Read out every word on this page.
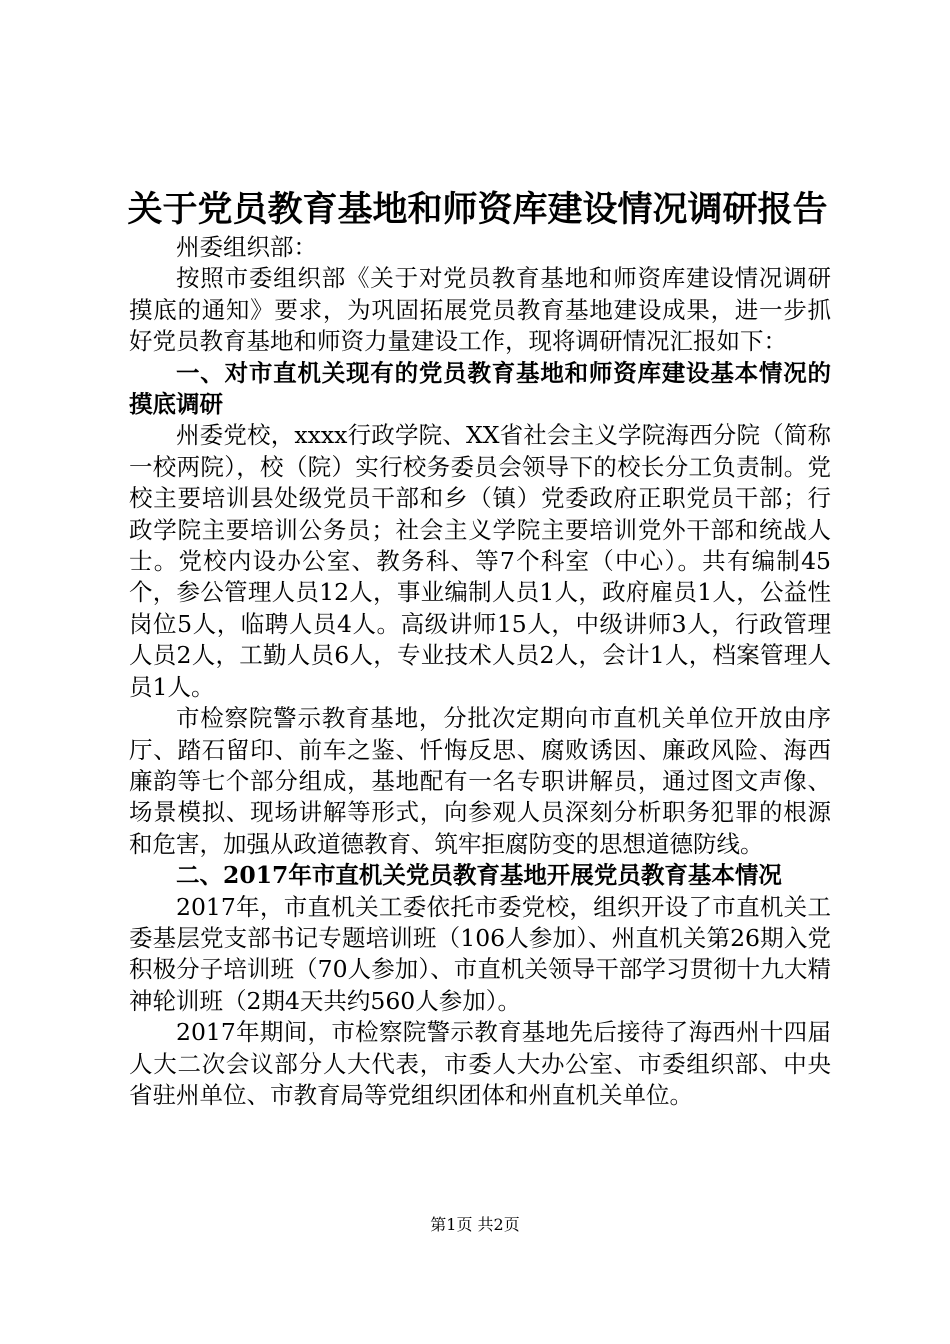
关于党员教育基地和师资库建设情况调研报告

州委组织部：

按照市委组织部《关于对党员教育基地和师资库建设情况调研摸底的通知》要求，为巩固拓展党员教育基地建设成果，进一步抓好党员教育基地和师资力量建设工作，现将调研情况汇报如下：

一、对市直机关现有的党员教育基地和师资库建设基本情况的摸底调研

州委党校，xxxx行政学院、XX省社会主义学院海西分院（简称一校两院），校（院）实行校务委员会领导下的校长分工负责制。党校主要培训县处级党员干部和乡（镇）党委政府正职党员干部；行政学院主要培训公务员；社会主义学院主要培训党外干部和统战人士。党校内设办公室、教务科、等7个科室（中心）。共有编制45个，参公管理人员12人，事业编制人员1人，政府雇员1人，公益性岗位5人，临聘人员4人。高级讲师15人，中级讲师3人，行政管理人员2人，工勤人员6人，专业技术人员2人，会计1人，档案管理人员1人。

市检察院警示教育基地，分批次定期向市直机关单位开放由序厅、踏石留印、前车之鉴、忏悔反思、腐败诱因、廉政风险、海西廉韵等七个部分组成，基地配有一名专职讲解员，通过图文声像、场景模拟、现场讲解等形式，向参观人员深刻分析职务犯罪的根源和危害，加强从政道德教育、筑牢拒腐防变的思想道德防线。

二、2017年市直机关党员教育基地开展党员教育基本情况

2017年，市直机关工委依托市委党校，组织开设了市直机关工委基层党支部书记专题培训班（106人参加）、州直机关第26期入党积极分子培训班（70人参加）、市直机关领导干部学习贯彻十九大精神轮训班（2期4天共约560人参加）。

2017年期间，市检察院警示教育基地先后接待了海西州十四届人大二次会议部分人大代表，市委人大办公室、市委组织部、中央省驻州单位、市教育局等党组织团体和州直机关单位。

第1页 共2页
